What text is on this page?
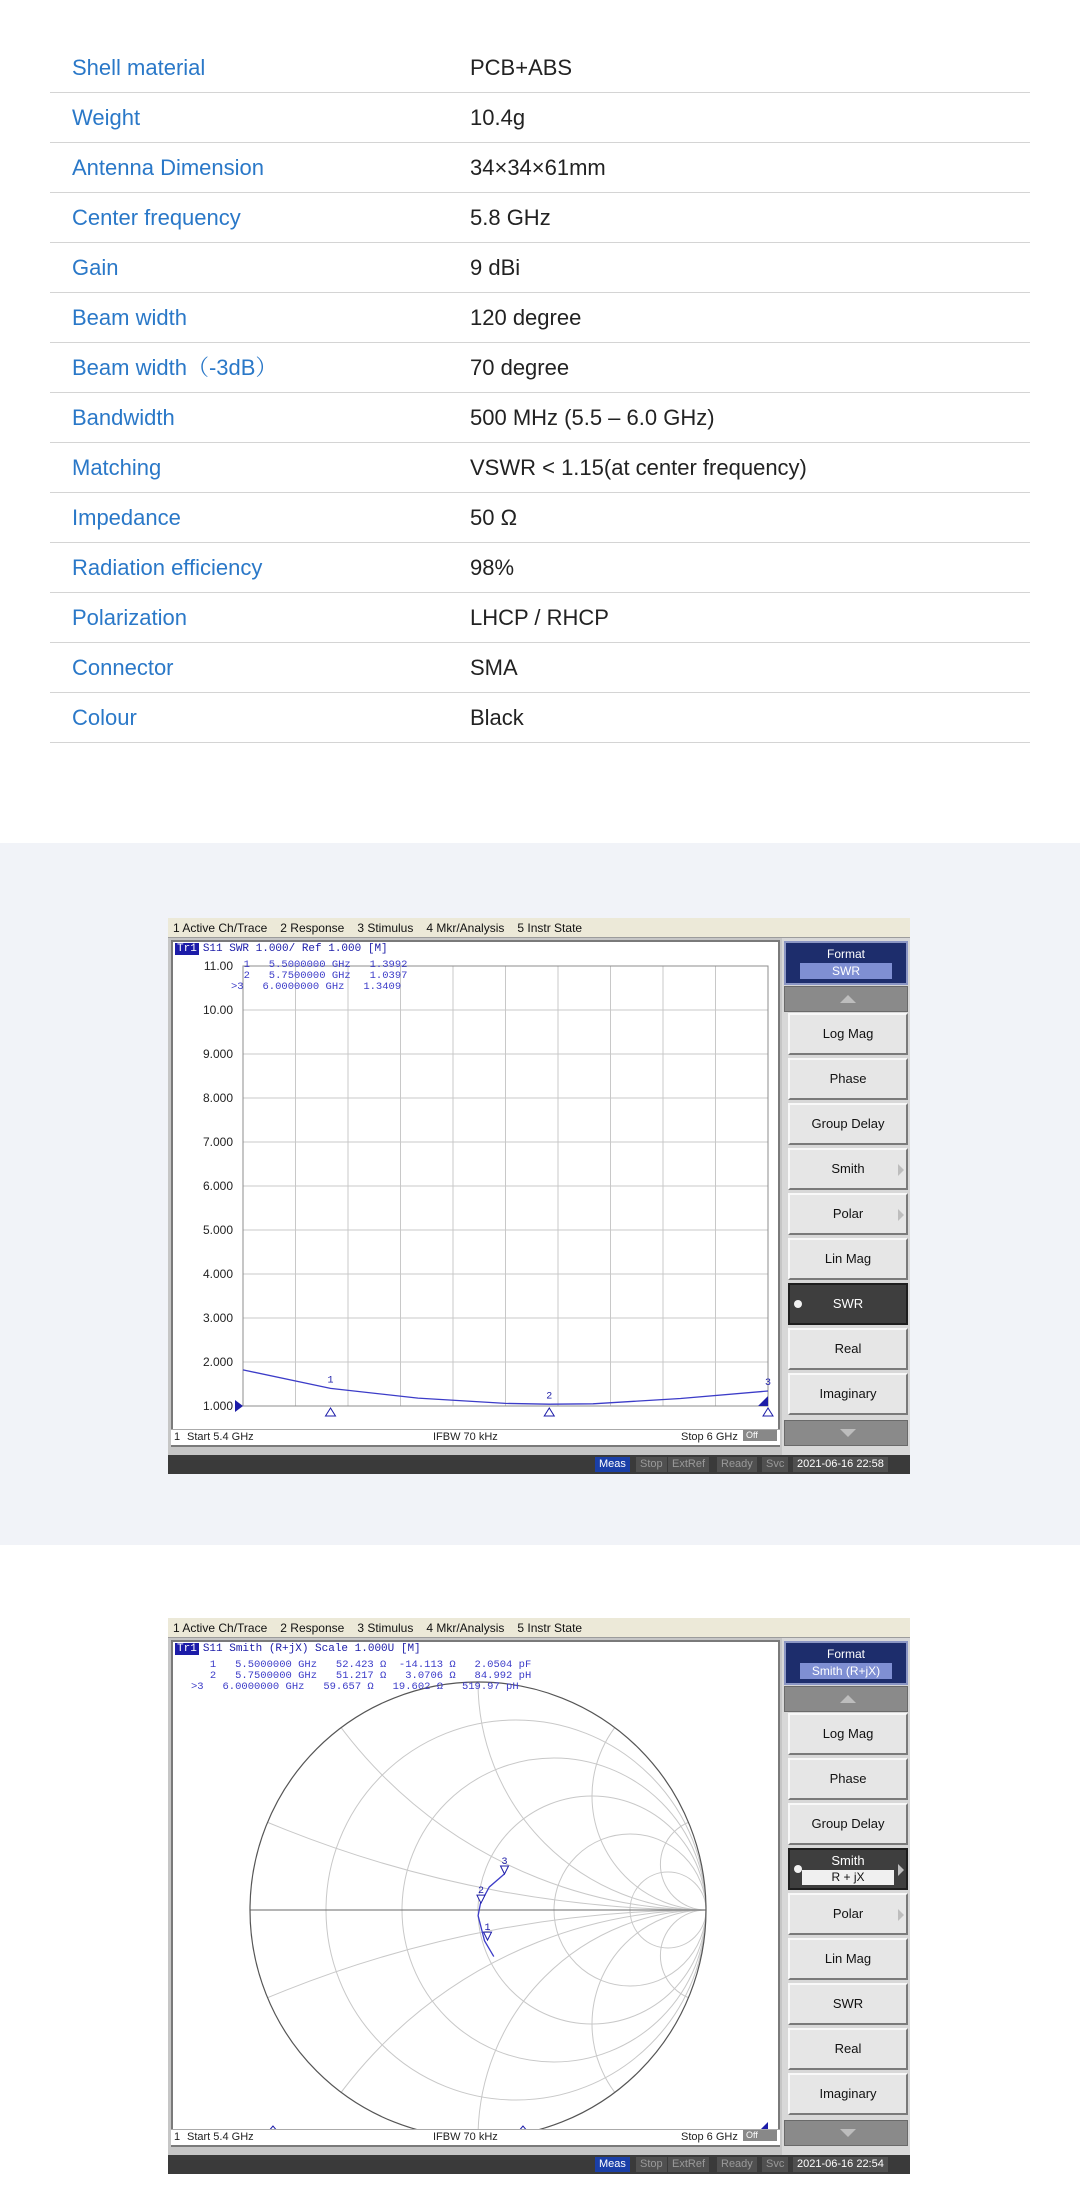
Shell material	PCB+ABS
Weight	10.4g
Antenna Dimension	34×34×61mm
Center frequency	5.8 GHz
Gain	9 dBi
Beam width	120 degree
Beam width（-3dB）	70 degree
Bandwidth	500 MHz (5.5 – 6.0 GHz)
Matching	VSWR < 1.15(at center frequency)
Impedance	50 Ω
Radiation efficiency	98%
Polarization	LHCP / RHCP
Connector	SMA
Colour	Black
1 Active Ch/Trace 2 Response 3 Stimulus 4 Mkr/Analysis 5 Instr State
Tr1 S11 SWR 1.000/ Ref 1.000 [M]
11.00
10.00
9.000
8.000
7.000
6.000
5.000
4.000
3.000
2.000
1.000
1
2
3
1   5.5000000 GHz   1.3992
2   5.7500000 GHz   1.0397
>3   6.0000000 GHz   1.3409
1 Start 5.4 GHz	IFBW 70 kHz	Stop 6 GHz Off
Meas	Stop ExtRef	Ready	Svc	2021-06-16 22:58
Format
SWR
Log Mag
Phase
Group Delay
Smith
Polar
Lin Mag
SWR
Real
Imaginary
1 Active Ch/Trace 2 Response 3 Stimulus 4 Mkr/Analysis 5 Instr State
Tr1 S11 Smith (R+jX) Scale 1.000U [M]
1
2
3
1   5.5000000 GHz   52.423 Ω  -14.113 Ω   2.0504 pF
2   5.7500000 GHz   51.217 Ω   3.0706 Ω   84.992 pH
>3   6.0000000 GHz   59.657 Ω   19.602 Ω   519.97 pH
1 Start 5.4 GHz	IFBW 70 kHz	Stop 6 GHz Off
Meas	Stop ExtRef	Ready	Svc	2021-06-16 22:54
Format
Smith (R+jX)
Log Mag
Phase
Group Delay
Smith
R + jX
Polar
Lin Mag
SWR
Real
Imaginary
